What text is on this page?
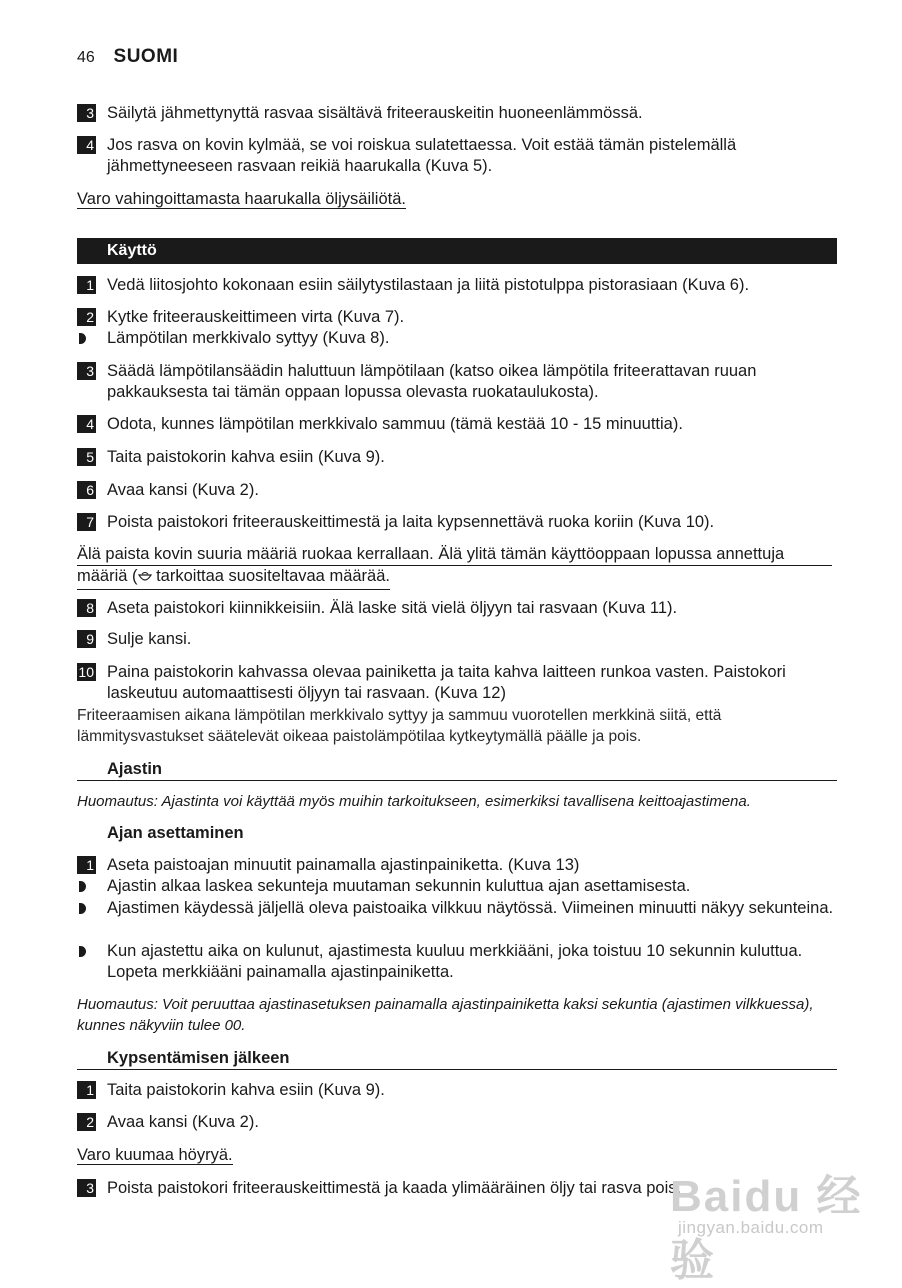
46 SUOMI
3 Säilytä jähmettynyttä rasvaa sisältävä friteerauskeitin huoneenlämmössä.
4 Jos rasva on kovin kylmää, se voi roiskua sulatettaessa. Voit estää tämän pistelemällä jähmettyneeseen rasvaan reikiä haarukalla (Kuva 5).
Varo vahingoittamasta haarukalla öljysäiliötä.
Käyttö
1 Vedä liitosjohto kokonaan esiin säilytystilastaan ja liitä pistotulppa pistorasiaan (Kuva 6).
2 Kytke friteerauskeittimeen virta (Kuva 7).
Lämpötilan merkkivalo syttyy (Kuva 8).
3 Säädä lämpötilansäädin haluttuun lämpötilaan (katso oikea lämpötila friteerattavan ruuan pakkauksesta tai tämän oppaan lopussa olevasta ruokataulukosta).
4 Odota, kunnes lämpötilan merkkivalo sammuu (tämä kestää 10 - 15 minuuttia).
5 Taita paistokorin kahva esiin (Kuva 9).
6 Avaa kansi (Kuva 2).
7 Poista paistokori friteerauskeittimestä ja laita kypsennettävä ruoka koriin (Kuva 10).
Älä paista kovin suuria määriä ruokaa kerrallaan. Älä ylitä tämän käyttöoppaan lopussa annettuja
määriä ( tarkoittaa suositeltavaa määrää.
8 Aseta paistokori kiinnikkeisiin. Älä laske sitä vielä öljyyn tai rasvaan (Kuva 11).
9 Sulje kansi.
10 Paina paistokorin kahvassa olevaa painiketta ja taita kahva laitteen runkoa vasten. Paistokori laskeutuu automaattisesti öljyyn tai rasvaan. (Kuva 12)
Friteeraamisen aikana lämpötilan merkkivalo syttyy ja sammuu vuorotellen merkkinä siitä, että lämmitysvastukset säätelevät oikeaa paistolämpötilaa kytkeytymällä päälle ja pois.
Ajastin
Huomautus: Ajastinta voi käyttää myös muihin tarkoitukseen, esimerkiksi tavallisena keittoajastimena.
Ajan asettaminen
1 Aseta paistoajan minuutit painamalla ajastinpainiketta. (Kuva 13)
Ajastin alkaa laskea sekunteja muutaman sekunnin kuluttua ajan asettamisesta.
Ajastimen käydessä jäljellä oleva paistoaika vilkkuu näytössä. Viimeinen minuutti näkyy sekunteina.
Kun ajastettu aika on kulunut, ajastimesta kuuluu merkkiääni, joka toistuu 10 sekunnin kuluttua. Lopeta merkkiääni painamalla ajastinpainiketta.
Huomautus: Voit peruuttaa ajastinasetuksen painamalla ajastinpainiketta kaksi sekuntia (ajastimen vilkkuessa), kunnes näkyviin tulee 00.
Kypsentämisen jälkeen
1 Taita paistokorin kahva esiin (Kuva 9).
2 Avaa kansi (Kuva 2).
Varo kuumaa höyryä.
3 Poista paistokori friteerauskeittimestä ja kaada ylimääräinen öljy tai rasva pois.
Baidu 经验
jingyan.baidu.com
